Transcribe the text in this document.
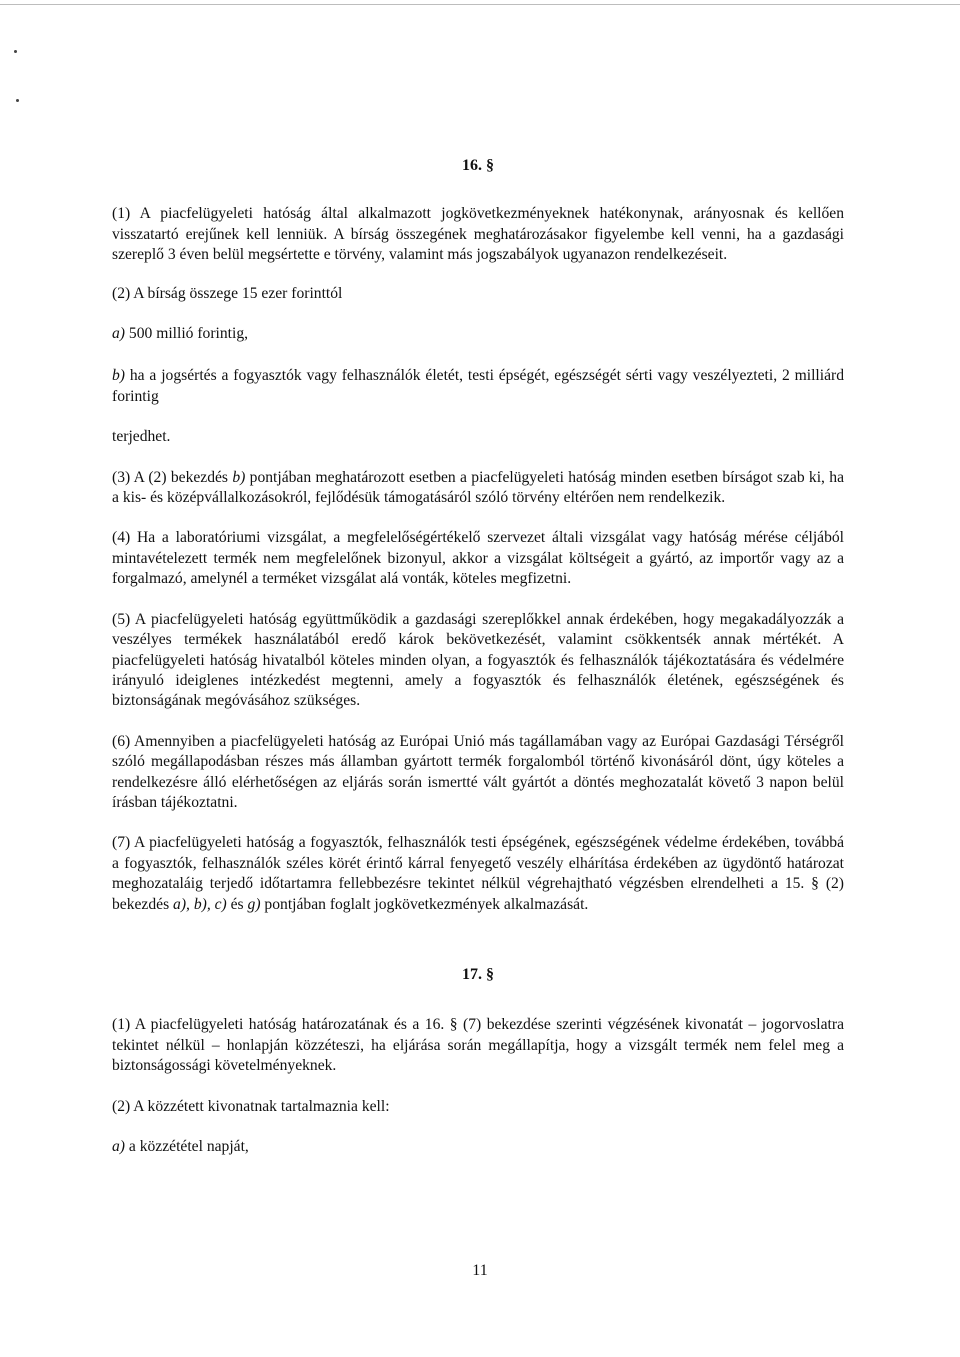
16. §

(1) A piacfelügyeleti hatóság által alkalmazott jogkövetkezményeknek hatékonynak, arányosnak és kellően visszatartó erejűnek kell lenniük. A bírság összegének meghatározásakor figyelembe kell venni, ha a gazdasági szereplő 3 éven belül megsértette e törvény, valamint más jogszabályok ugyanazon rendelkezéseit.

(2) A bírság összege 15 ezer forinttól

a) 500 millió forintig,

b) ha a jogsértés a fogyasztók vagy felhasználók életét, testi épségét, egészségét sérti vagy veszélyezteti, 2 milliárd forintig

terjedhet.

(3) A (2) bekezdés b) pontjában meghatározott esetben a piacfelügyeleti hatóság minden esetben bírságot szab ki, ha a kis- és középvállalkozásokról, fejlődésük támogatásáról szóló törvény eltérően nem rendelkezik.

(4) Ha a laboratóriumi vizsgálat, a megfelelőségértékelő szervezet általi vizsgálat vagy hatóság mérése céljából mintavételezett termék nem megfelelőnek bizonyul, akkor a vizsgálat költségeit a gyártó, az importőr vagy az a forgalmazó, amelynél a terméket vizsgálat alá vonták, köteles megfizetni.

(5) A piacfelügyeleti hatóság együttműködik a gazdasági szereplőkkel annak érdekében, hogy megakadályozzák a veszélyes termékek használatából eredő károk bekövetkezését, valamint csökkentsék annak mértékét. A piacfelügyeleti hatóság hivatalból köteles minden olyan, a fogyasztók és felhasználók tájékoztatására és védelmére irányuló ideiglenes intézkedést megtenni, amely a fogyasztók és felhasználók életének, egészségének és biztonságának megóvásához szükséges.

(6) Amennyiben a piacfelügyeleti hatóság az Európai Unió más tagállamában vagy az Európai Gazdasági Térségről szóló megállapodásban részes más államban gyártott termék forgalomból történő kivonásáról dönt, úgy köteles a rendelkezésre álló elérhetőségen az eljárás során ismertté vált gyártót a döntés meghozatalát követő 3 napon belül írásban tájékoztatni.

(7) A piacfelügyeleti hatóság a fogyasztók, felhasználók testi épségének, egészségének védelme érdekében, továbbá a fogyasztók, felhasználók széles körét érintő kárral fenyegető veszély elhárítása érdekében az ügydöntő határozat meghozataláig terjedő időtartamra fellebbezésre tekintet nélkül végrehajtható végzésben elrendelheti a 15. § (2) bekezdés a), b), c) és g) pontjában foglalt jogkövetkezmények alkalmazását.

17. §

(1) A piacfelügyeleti hatóság határozatának és a 16. § (7) bekezdése szerinti végzésének kivonatát – jogorvoslatra tekintet nélkül – honlapján közzéteszi, ha eljárása során megállapítja, hogy a vizsgált termék nem felel meg a biztonságossági követelményeknek.

(2) A közzétett kivonatnak tartalmaznia kell:

a) a közzététel napját,

11
